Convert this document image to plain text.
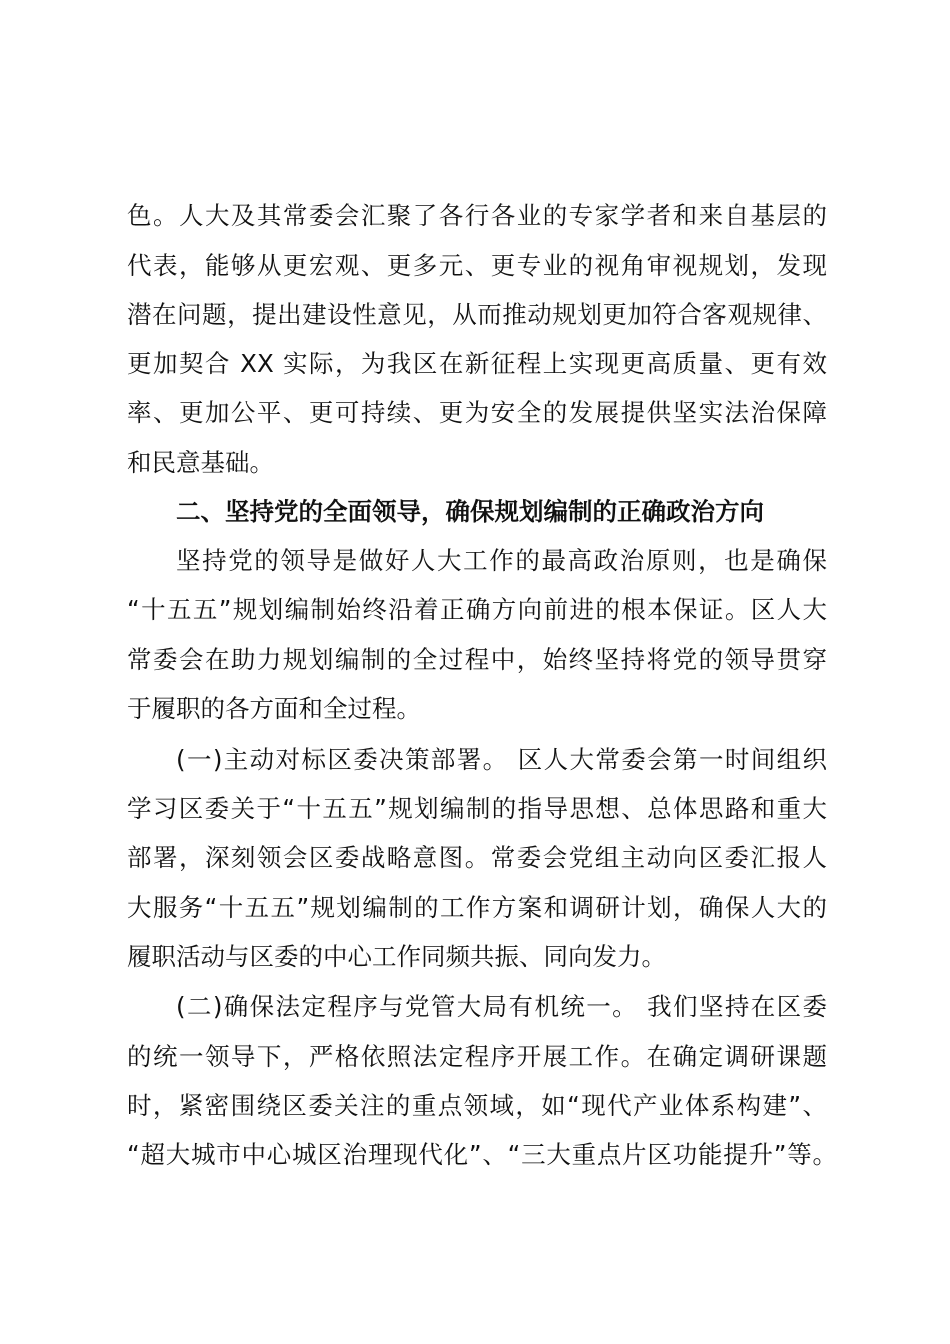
色。人大及其常委会汇聚了各行各业的专家学者和来自基层的
代表，能够从更宏观、更多元、更专业的视角审视规划，发现
潜在问题，提出建设性意见，从而推动规划更加符合客观规律、
更加契合 XX 实际，为我区在新征程上实现更高质量、更有效
率、更加公平、更可持续、更为安全的发展提供坚实法治保障
和民意基础。
二、坚持党的全面领导，确保规划编制的正确政治方向
坚持党的领导是做好人大工作的最高政治原则，也是确保
“十五五”规划编制始终沿着正确方向前进的根本保证。区人大
常委会在助力规划编制的全过程中，始终坚持将党的领导贯穿
于履职的各方面和全过程。
(一)主动对标区委决策部署。 区人大常委会第一时间组织
学习区委关于“十五五”规划编制的指导思想、总体思路和重大
部署，深刻领会区委战略意图。常委会党组主动向区委汇报人
大服务“十五五”规划编制的工作方案和调研计划，确保人大的
履职活动与区委的中心工作同频共振、同向发力。
(二)确保法定程序与党管大局有机统一。 我们坚持在区委
的统一领导下，严格依照法定程序开展工作。在确定调研课题
时，紧密围绕区委关注的重点领域，如“现代产业体系构建”、
“超大城市中心城区治理现代化”、“三大重点片区功能提升”等。
